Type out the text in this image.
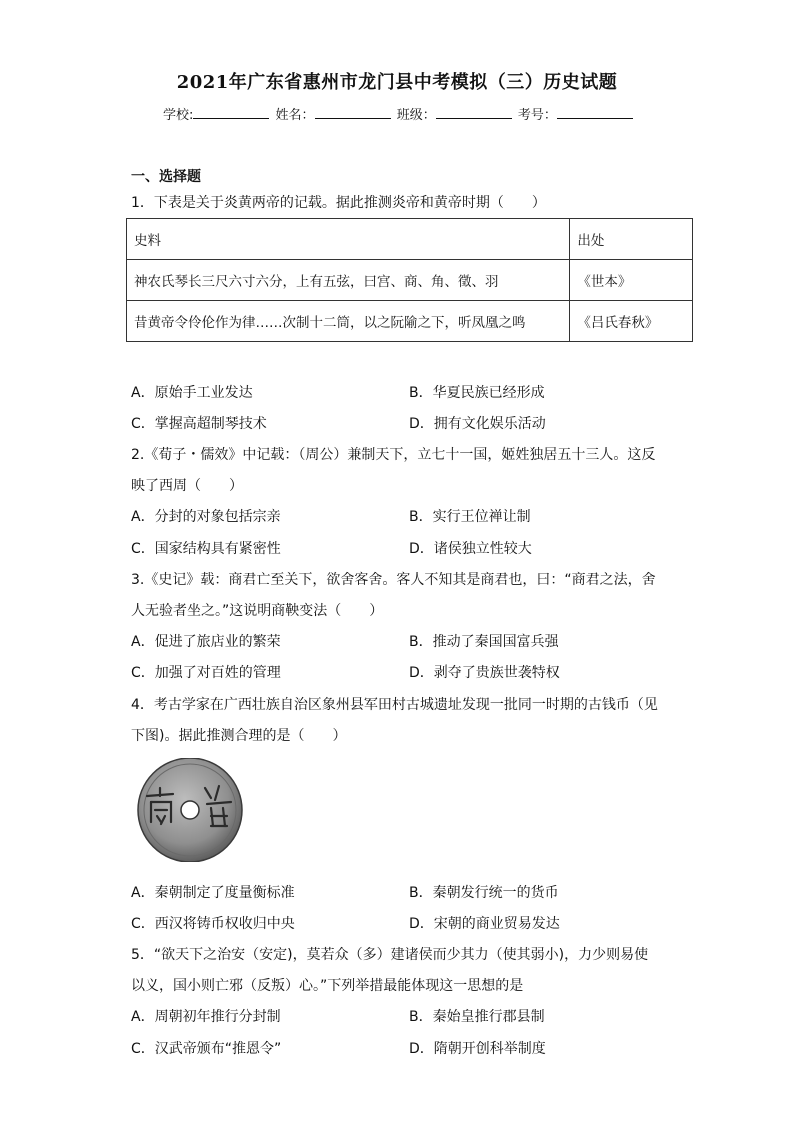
2021年广东省惠州市龙门县中考模拟（三）历史试题
学校:	姓名：	班级：	考号：
一、选择题
1．下表是关于炎黄两帝的记载。据此推测炎帝和黄帝时期（　　）
史料	出处
神农氏琴长三尺六寸六分，上有五弦，曰宫、商、角、徵、羽	《世本》
昔黄帝令伶伦作为律……次制十二筒，以之阮隃之下，听凤凰之鸣	《吕氏春秋》
A．原始手工业发达	B．华夏民族已经形成
C．掌握高超制琴技术	D．拥有文化娱乐活动
2.《荀子・儒效》中记载：（周公）兼制天下，立七十一国，姬姓独居五十三人。这反
映了西周（　　）
A．分封的对象包括宗亲	B．实行王位禅让制
C．国家结构具有紧密性	D．诸侯独立性较大
3.《史记》载：商君亡至关下，欲舍客舍。客人不知其是商君也，曰：“商君之法，舍
人无验者坐之。”这说明商鞅变法（　　）
A．促进了旅店业的繁荣	B．推动了秦国国富兵强
C．加强了对百姓的管理	D．剥夺了贵族世袭特权
4．考古学家在广西壮族自治区象州县军田村古城遗址发现一批同一时期的古钱币（见
下图)。据此推测合理的是（　　）
A．秦朝制定了度量衡标准	B．秦朝发行统一的货币
C．西汉将铸币权收归中央	D．宋朝的商业贸易发达
5．“欲天下之治安（安定)，莫若众（多）建诸侯而少其力（使其弱小)，力少则易使
以义，国小则亡邪（反叛）心。”下列举措最能体现这一思想的是
A．周朝初年推行分封制	B．秦始皇推行郡县制
C．汉武帝颁布“推恩令”	D．隋朝开创科举制度
